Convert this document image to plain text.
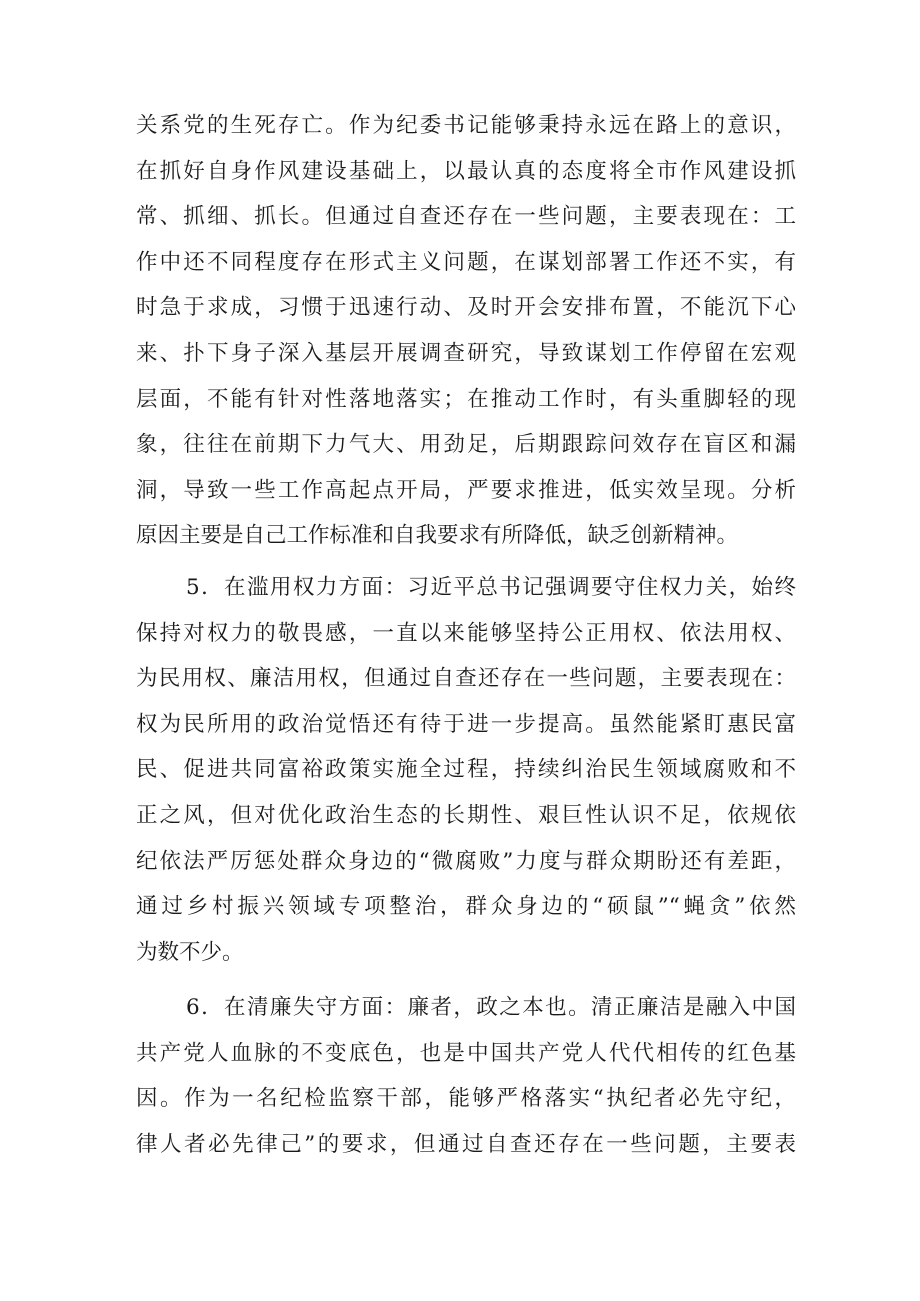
关系党的生死存亡。作为纪委书记能够秉持永远在路上的意识，
在抓好自身作风建设基础上，以最认真的态度将全市作风建设抓
常、抓细、抓长。但通过自查还存在一些问题，主要表现在：工
作中还不同程度存在形式主义问题，在谋划部署工作还不实，有
时急于求成，习惯于迅速行动、及时开会安排布置，不能沉下心
来、扑下身子深入基层开展调查研究，导致谋划工作停留在宏观
层面，不能有针对性落地落实；在推动工作时，有头重脚轻的现
象，往往在前期下力气大、用劲足，后期跟踪问效存在盲区和漏
洞，导致一些工作高起点开局，严要求推进，低实效呈现。分析
原因主要是自己工作标准和自我要求有所降低，缺乏创新精神。
5．在滥用权力方面：习近平总书记强调要守住权力关，始终
保持对权力的敬畏感，一直以来能够坚持公正用权、依法用权、
为民用权、廉洁用权，但通过自查还存在一些问题，主要表现在：
权为民所用的政治觉悟还有待于进一步提高。虽然能紧盯惠民富
民、促进共同富裕政策实施全过程，持续纠治民生领域腐败和不
正之风，但对优化政治生态的长期性、艰巨性认识不足，依规依
纪依法严厉惩处群众身边的“微腐败”力度与群众期盼还有差距，
通过乡村振兴领域专项整治，群众身边的“硕鼠”“蝇贪”依然
为数不少。
6．在清廉失守方面：廉者，政之本也。清正廉洁是融入中国
共产党人血脉的不变底色，也是中国共产党人代代相传的红色基
因。作为一名纪检监察干部，能够严格落实“执纪者必先守纪，
律人者必先律己”的要求，但通过自查还存在一些问题，主要表
